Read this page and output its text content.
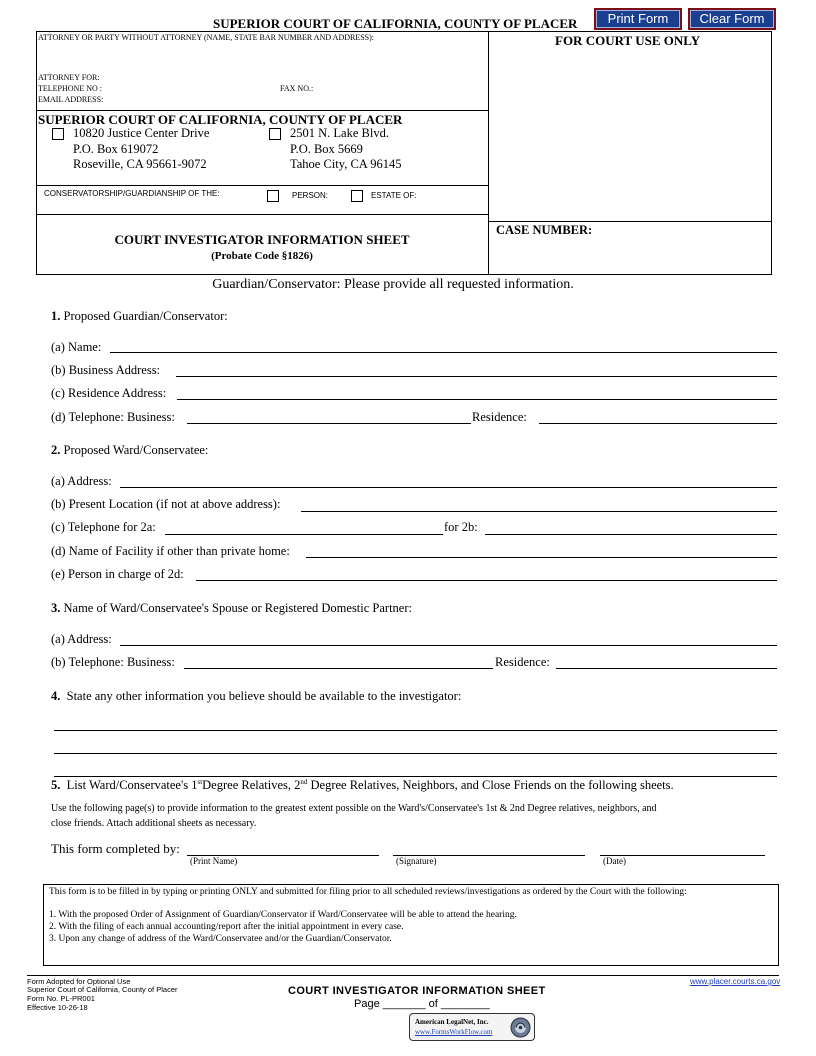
SUPERIOR COURT OF CALIFORNIA, COUNTY OF PLACER	Print Form	Clear Form
ATTORNEY OR PARTY WITHOUT ATTORNEY (NAME, STATE BAR NUMBER AND ADDRESS):
ATTORNEY FOR:
TELEPHONE NO :
EMAIL ADDRESS:
FAX NO.:
FOR COURT USE ONLY
SUPERIOR COURT OF CALIFORNIA, COUNTY OF PLACER
10820 Justice Center Drive
P.O. Box 619072
Roseville, CA 95661-9072
2501 N. Lake Blvd.
P.O. Box 5669
Tahoe City, CA 96145
CONSERVATORSHIP/GUARDIANSHIP OF THE:	PERSON:	ESTATE OF:
COURT INVESTIGATOR INFORMATION SHEET
(Probate Code §1826)
CASE NUMBER:
Guardian/Conservator: Please provide all requested information.
1. Proposed Guardian/Conservator:
(a) Name:
(b) Business Address:
(c) Residence Address:
(d) Telephone: Business:	Residence:
2. Proposed Ward/Conservatee:
(a) Address:
(b) Present Location (if not at above address):
(c) Telephone for 2a:	for 2b:
(d) Name of Facility if other than private home:
(e) Person in charge of 2d:
3. Name of Ward/Conservatee's Spouse or Registered Domestic Partner:
(a) Address:
(b) Telephone: Business:	Residence:
4. State any other information you believe should be available to the investigator:
5. List Ward/Conservatee's 1stDegree Relatives, 2nd Degree Relatives, Neighbors, and Close Friends on the following sheets.
Use the following page(s) to provide information to the greatest extent possible on the Ward's/Conservatee's 1st & 2nd Degree relatives, neighbors, and
close friends. Attach additional sheets as necessary.
This form completed by:
(Print Name)	(Signature)	(Date)
This form is to be filled in by typing or printing ONLY and submitted for filing prior to all scheduled reviews/investigations as ordered by the Court with the following:
1. With the proposed Order of Assignment of Guardian/Conservator if Ward/Conservatee will be able to attend the hearing.
2. With the filing of each annual accounting/report after the initial appointment in every case.
3. Upon any change of address of the Ward/Conservatee and/or the Guardian/Conservator.
Form Adopted for Optional Use
Superior Court of California, County of Placer
Form No. PL-PR001
Effective 10-26-18
COURT INVESTIGATOR INFORMATION SHEET
Page _______ of ________
www.placer.courts.ca.gov
American LegalNet, Inc.
www.FormsWorkFlow.com
